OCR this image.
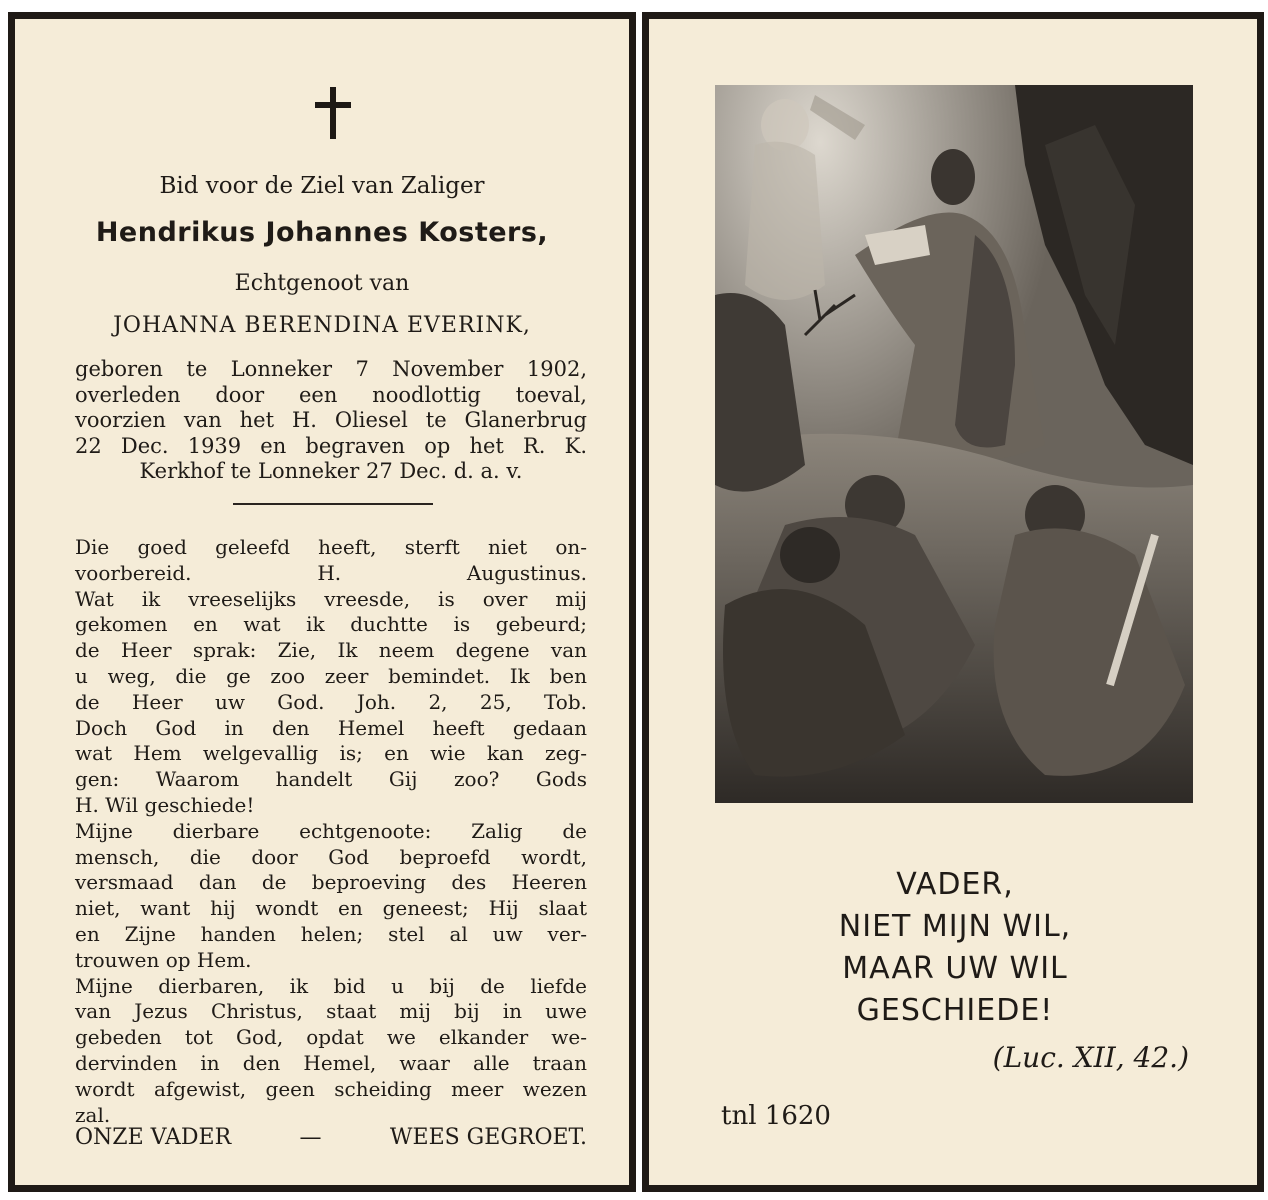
Bid voor de Ziel van Zaliger
Hendrikus Johannes Kosters,
Echtgenoot van
JOHANNA BERENDINA EVERINK,
geboren te Lonneker 7 November 1902,
overleden door een noodlottig toeval,
voorzien van het H. Oliesel te Glanerbrug
22 Dec. 1939 en begraven op het R. K.
Kerkhof te Lonneker 27 Dec. d. a. v.
Die goed geleefd heeft, sterft niet on-
voorbereid. H. Augustinus.
Wat ik vreeselijks vreesde, is over mij
gekomen en wat ik duchtte is gebeurd;
de Heer sprak: Zie, Ik neem degene van
u weg, die ge zoo zeer bemindet. Ik ben
de Heer uw God. Joh. 2, 25, Tob.
Doch God in den Hemel heeft gedaan
wat Hem welgevallig is; en wie kan zeg-
gen: Waarom handelt Gij zoo? Gods
H. Wil geschiede!
Mijne dierbare echtgenoote: Zalig de
mensch, die door God beproefd wordt,
versmaad dan de beproeving des Heeren
niet, want hij wondt en geneest; Hij slaat
en Zijne handen helen; stel al uw ver-
trouwen op Hem.
Mijne dierbaren, ik bid u bij de liefde
van Jezus Christus, staat mij bij in uwe
gebeden tot God, opdat we elkander we-
dervinden in den Hemel, waar alle traan
wordt afgewist, geen scheiding meer wezen
zal.
ONZE VADER	—	WEES GEGROET.
VADER,
NIET MIJN WIL,
MAAR UW WIL
GESCHIEDE!
(Luc. XII, 42.)
tnl 1620
